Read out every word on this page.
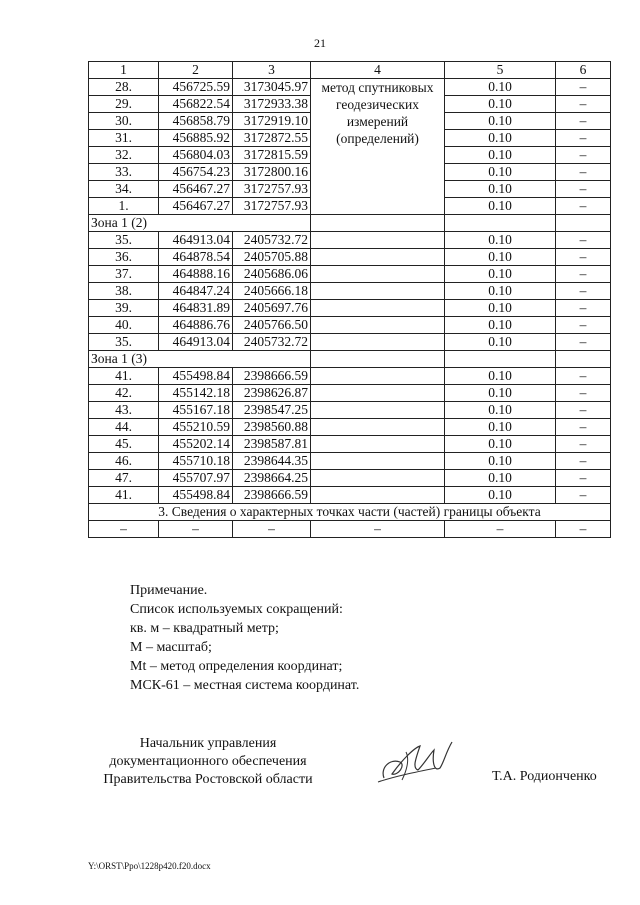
21
1	2	3	4	5	6
28.	456725.59	3173045.97	метод спутниковых
геодезических
измерений
(определений)	0.10	–
29.	456822.54	3172933.38		0.10	–
30.	456858.79	3172919.10		0.10	–
31.	456885.92	3172872.55		0.10	–
32.	456804.03	3172815.59		0.10	–
33.	456754.23	3172800.16		0.10	–
34.	456467.27	3172757.93		0.10	–
1.	456467.27	3172757.93		0.10	–
Зона 1 (2)					
35.	464913.04	2405732.72		0.10	–
36.	464878.54	2405705.88		0.10	–
37.	464888.16	2405686.06		0.10	–
38.	464847.24	2405666.18		0.10	–
39.	464831.89	2405697.76		0.10	–
40.	464886.76	2405766.50		0.10	–
35.	464913.04	2405732.72		0.10	–
Зона 1 (3)					
41.	455498.84	2398666.59		0.10	–
42.	455142.18	2398626.87		0.10	–
43.	455167.18	2398547.25		0.10	–
44.	455210.59	2398560.88		0.10	–
45.	455202.14	2398587.81		0.10	–
46.	455710.18	2398644.35		0.10	–
47.	455707.97	2398664.25		0.10	–
41.	455498.84	2398666.59		0.10	–
3. Сведения о характерных точках части (частей) границы объекта					
–	–	–	–	–	–
Примечание.
Список используемых сокращений:
кв. м – квадратный метр;
М – масштаб;
Mt – метод определения координат;
МСК-61 – местная система координат.
Начальник управления
документационного обеспечения
Правительства Ростовской области	Т.А. Родионченко
Y:\ORST\Ppo\1228p420.f20.docx
